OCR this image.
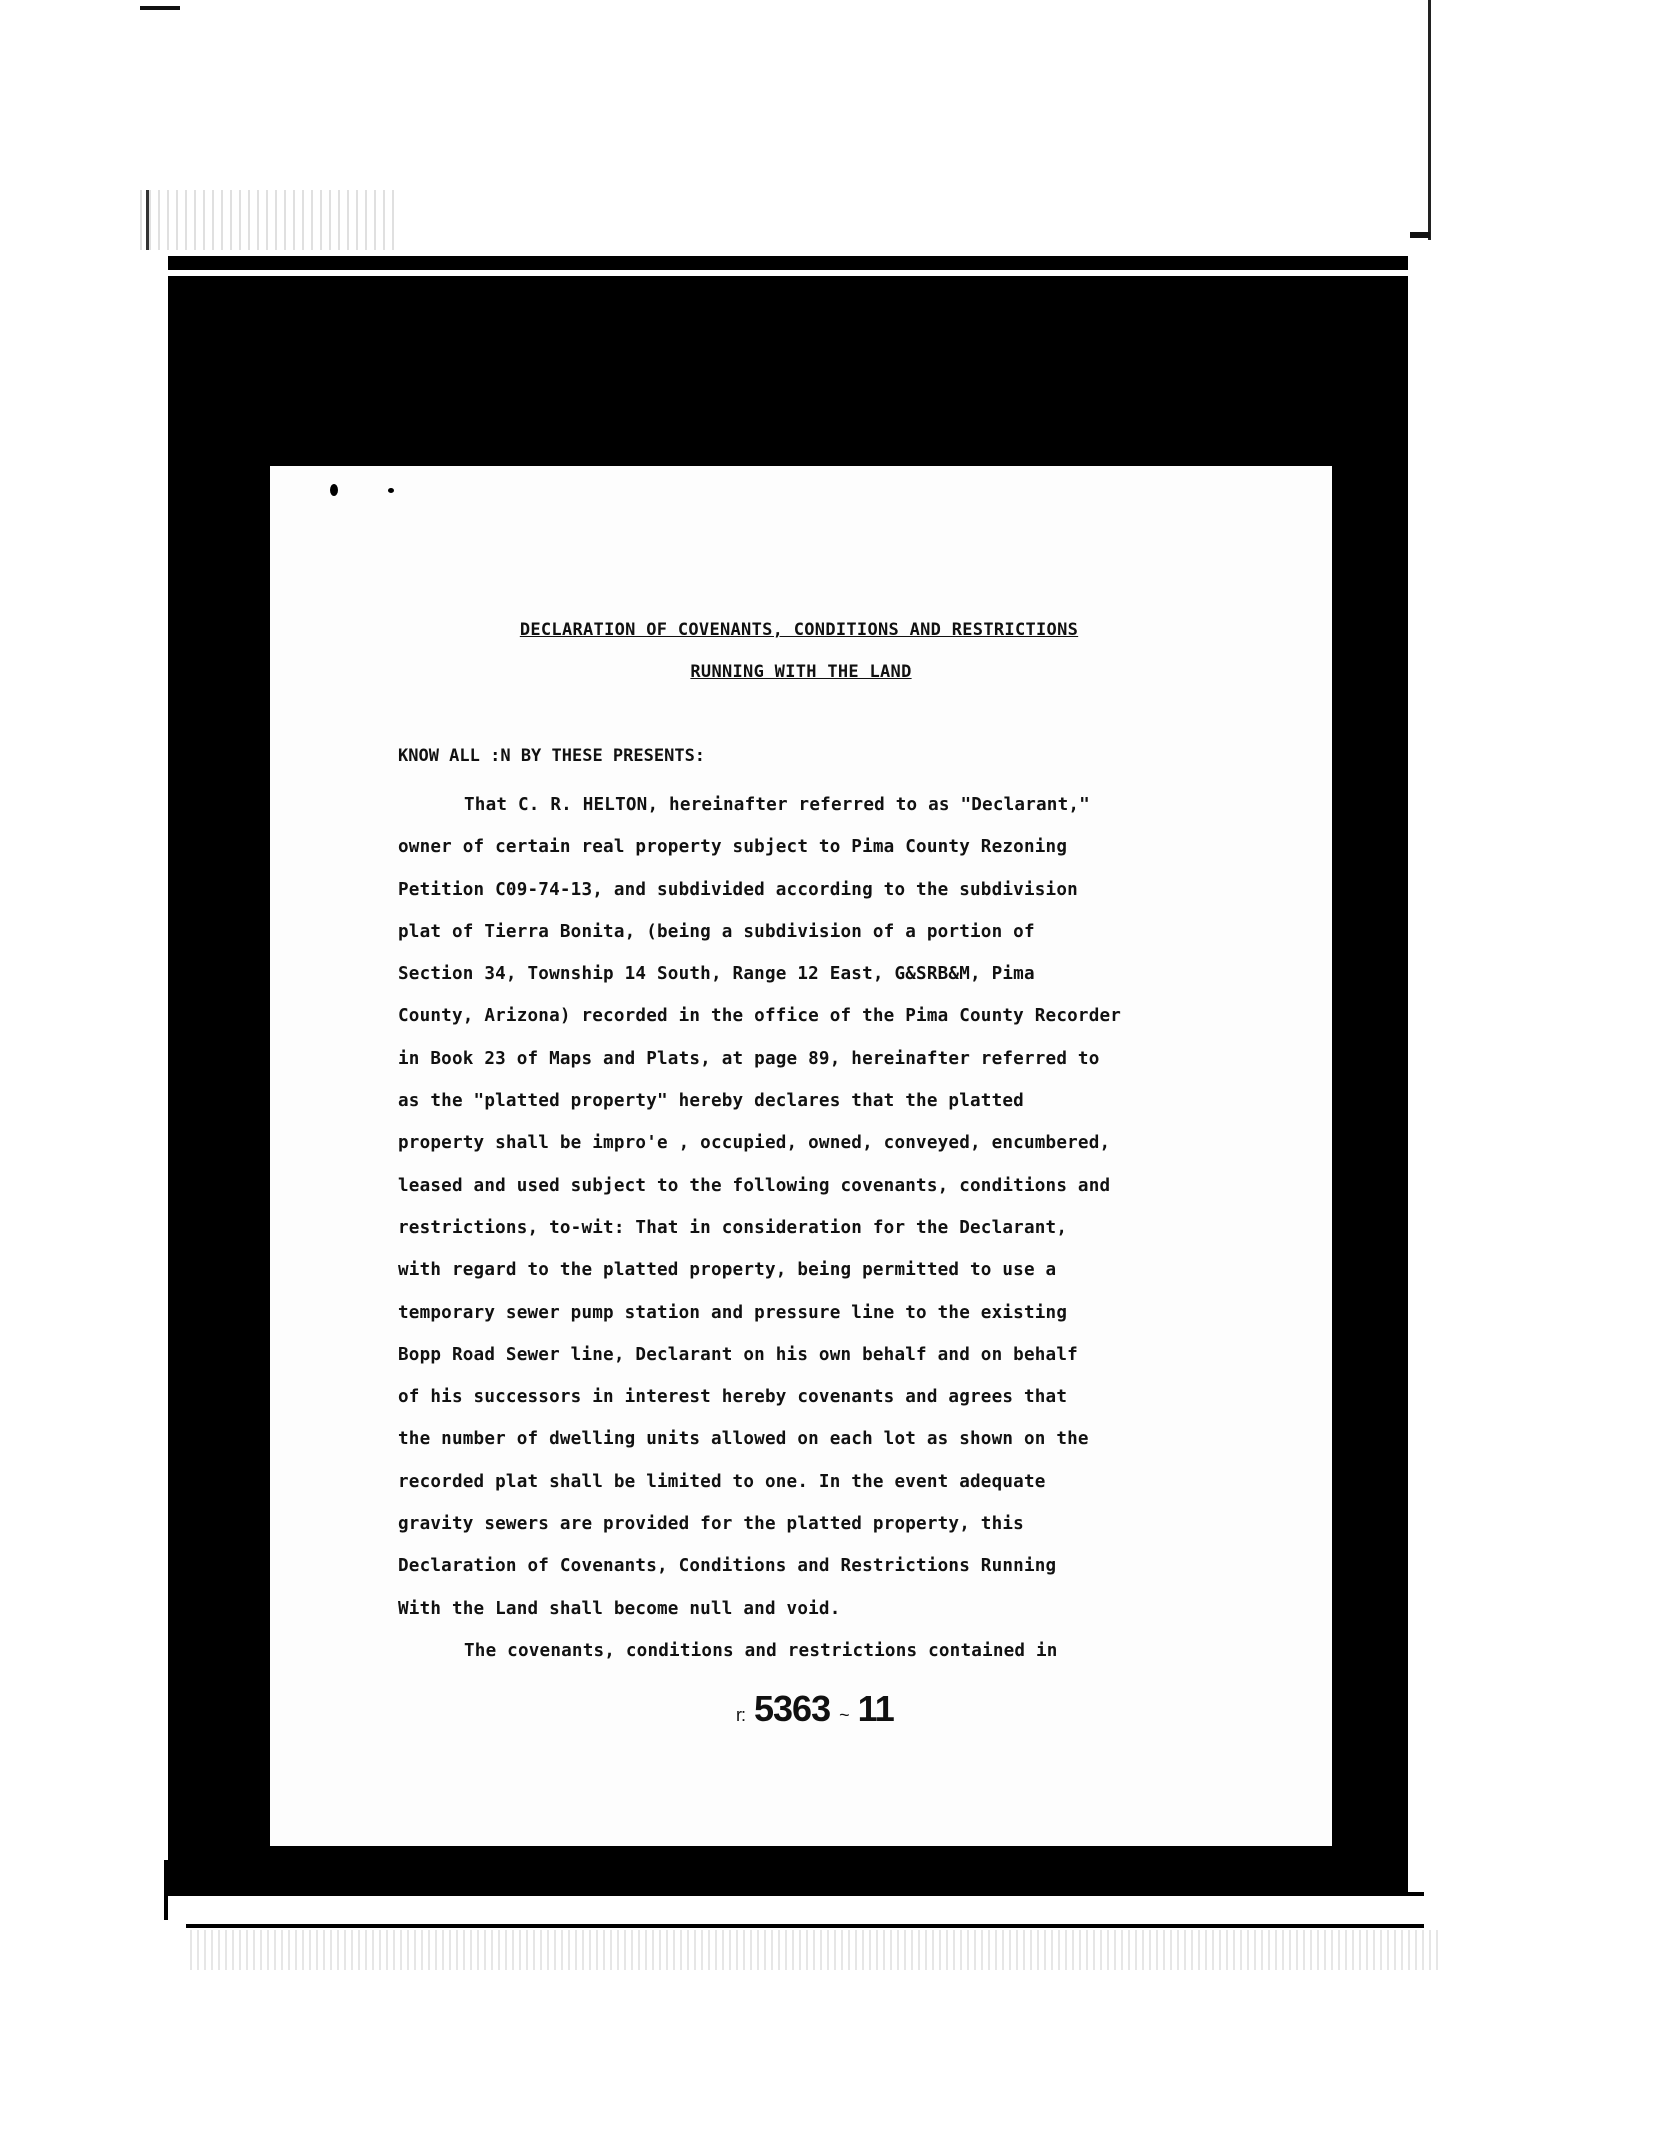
DECLARATION OF COVENANTS, CONDITIONS AND RESTRICTIONS
RUNNING WITH THE LAND
KNOW ALL :N BY THESE PRESENTS:
That C. R. HELTON, hereinafter referred to as "Declarant,"
owner of certain real property subject to Pima County Rezoning
Petition C09-74-13, and subdivided according to the subdivision
plat of Tierra Bonita, (being a subdivision of a portion of
Section 34, Township 14 South, Range 12 East, G&SRB&M, Pima
County, Arizona) recorded in the office of the Pima County Recorder
in Book 23 of Maps and Plats, at page 89, hereinafter referred to
as the "platted property" hereby declares that the platted
property shall be impro'e , occupied, owned, conveyed, encumbered,
leased and used subject to the following covenants, conditions and
restrictions, to-wit: That in consideration for the Declarant,
with regard to the platted property, being permitted to use a
temporary sewer pump station and pressure line to the existing
Bopp Road Sewer line, Declarant on his own behalf and on behalf
of his successors in interest hereby covenants and agrees that
the number of dwelling units allowed on each lot as shown on the
recorded plat shall be limited to one. In the event adequate
gravity sewers are provided for the platted property, this
Declaration of Covenants, Conditions and Restrictions Running
With the Land shall become null and void.
The covenants, conditions and restrictions contained in
r: 5363 ~ 11
